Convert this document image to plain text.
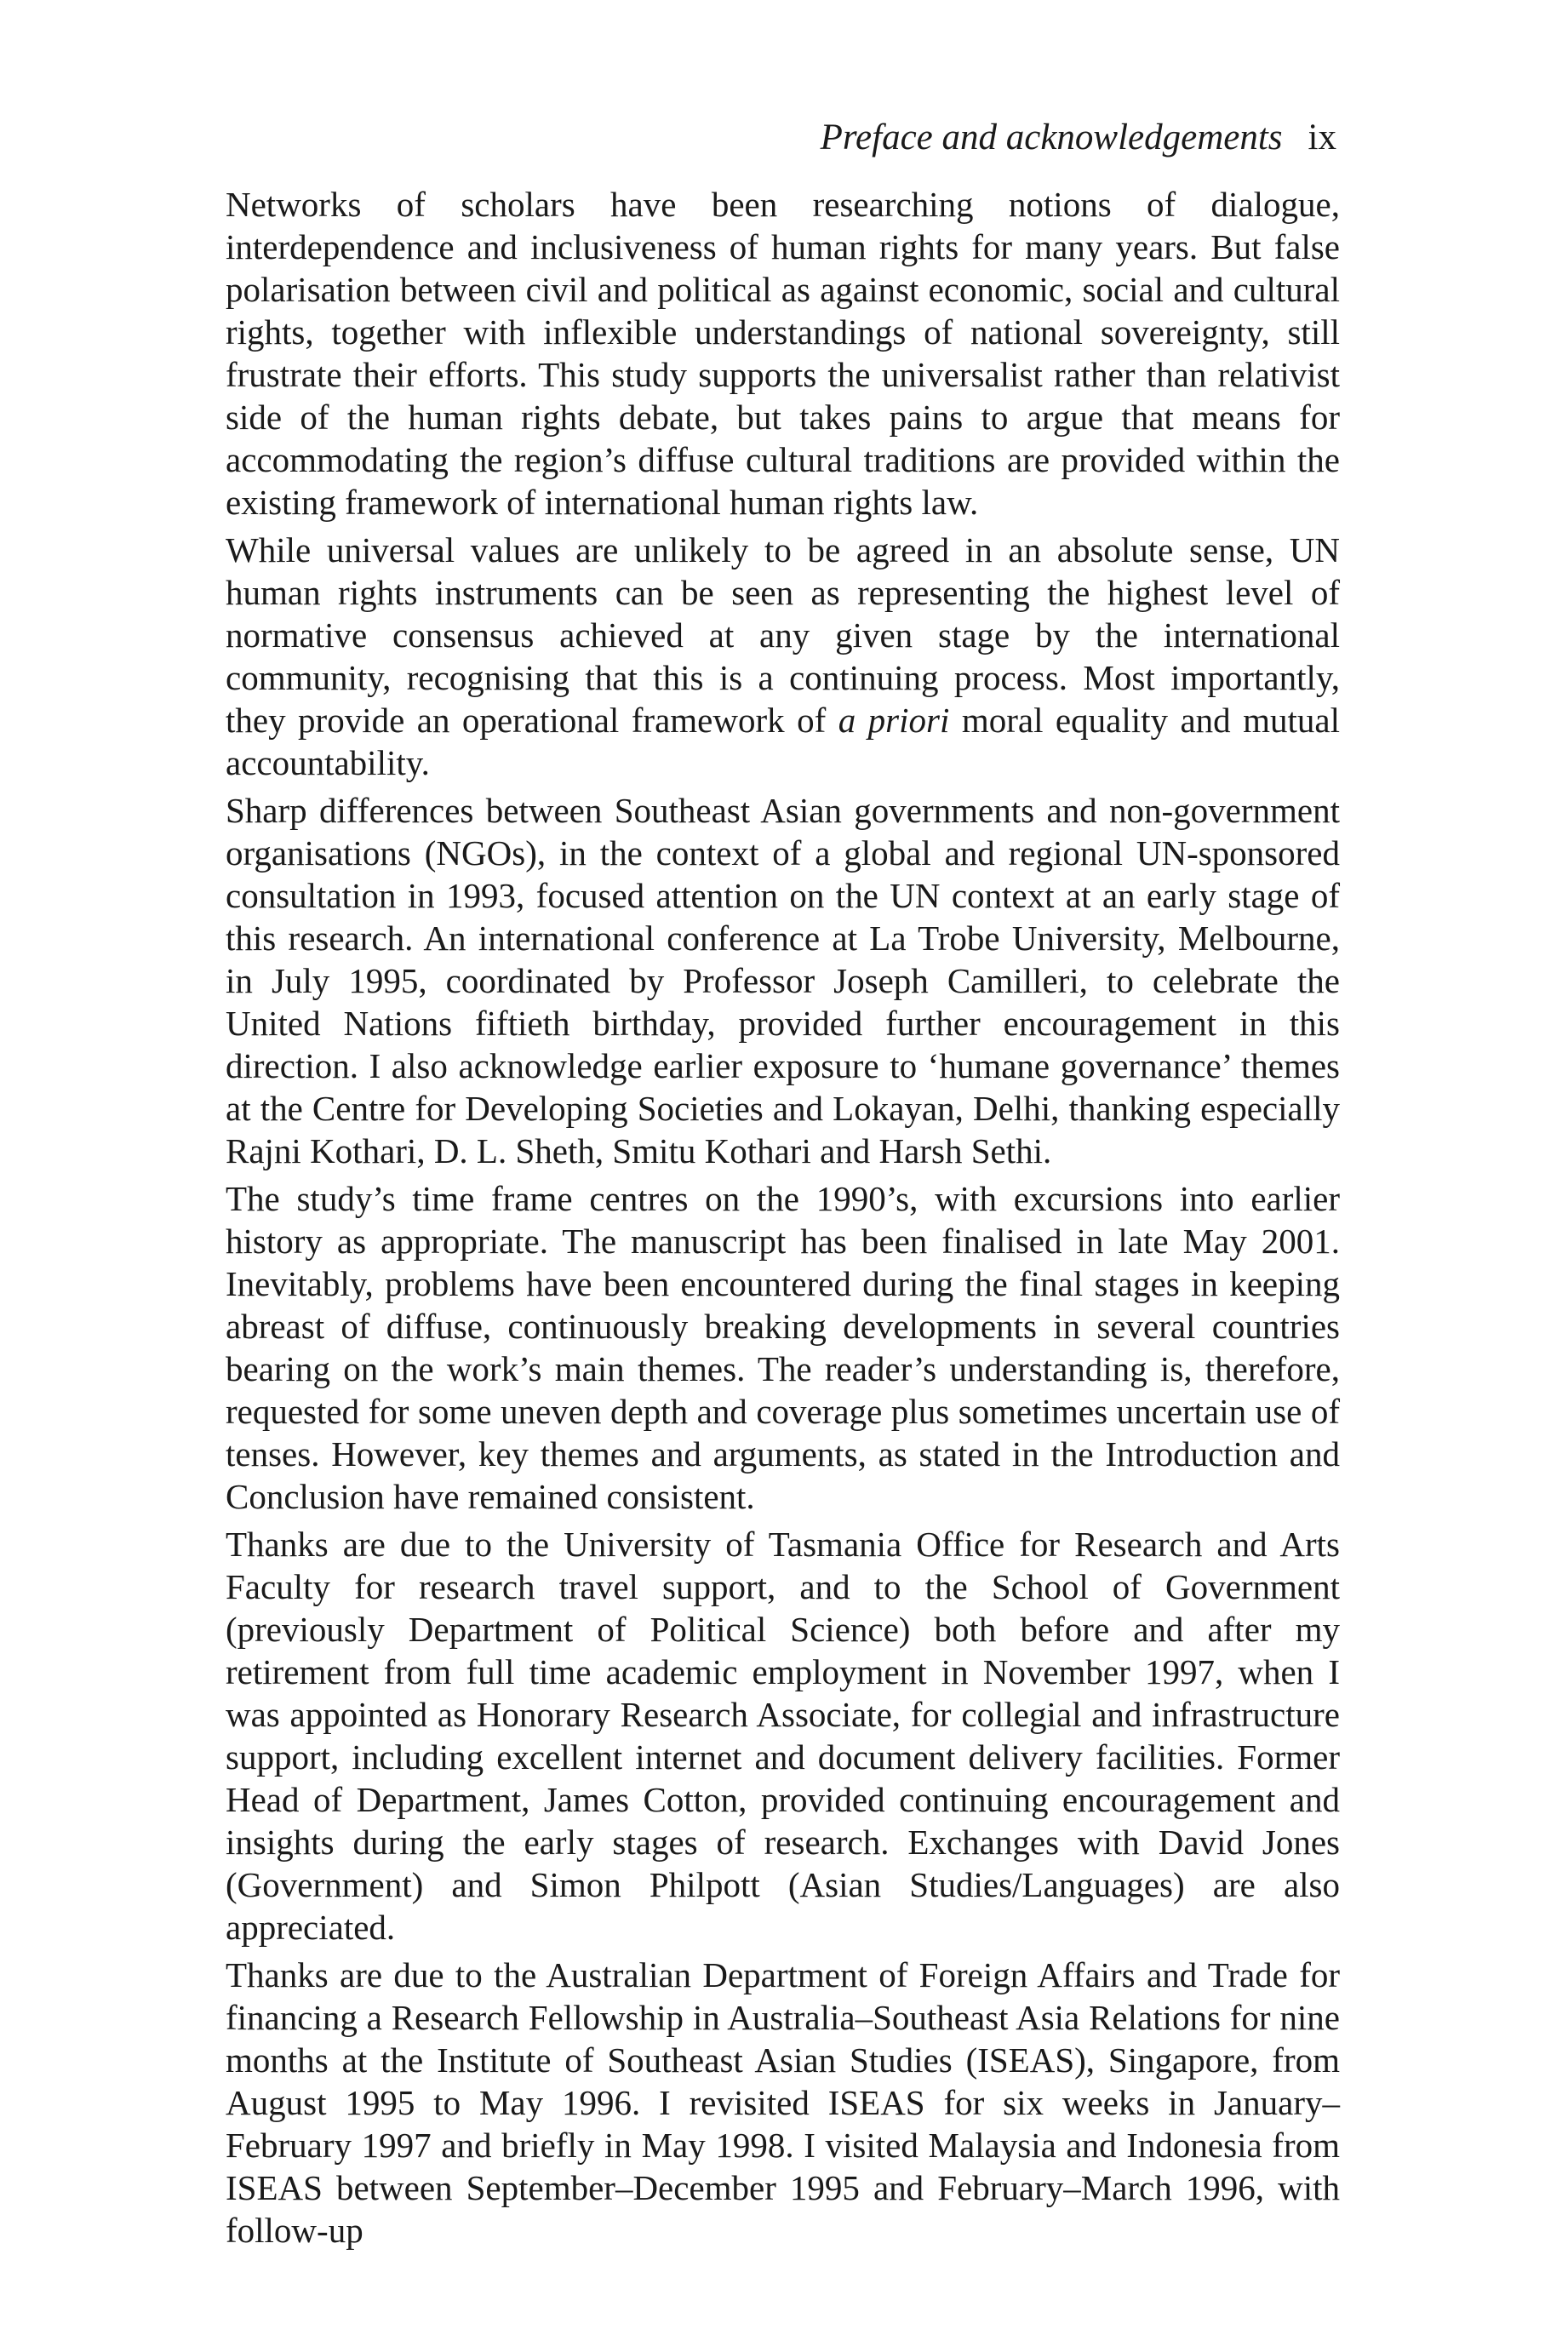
Preface and acknowledgements ix

Networks of scholars have been researching notions of dialogue, interdependence and inclusiveness of human rights for many years. But false polarisation between civil and political as against economic, social and cultural rights, together with inflexible understandings of national sovereignty, still frustrate their efforts. This study supports the universalist rather than relativist side of the human rights debate, but takes pains to argue that means for accommodating the region’s diffuse cultural traditions are provided within the existing framework of international human rights law.

While universal values are unlikely to be agreed in an absolute sense, UN human rights instruments can be seen as representing the highest level of normative consensus achieved at any given stage by the international community, recognising that this is a continuing process. Most importantly, they provide an operational framework of a priori moral equality and mutual accountability.

Sharp differences between Southeast Asian governments and non-government organisations (NGOs), in the context of a global and regional UN-sponsored consultation in 1993, focused attention on the UN context at an early stage of this research. An international conference at La Trobe University, Melbourne, in July 1995, coordinated by Professor Joseph Camilleri, to celebrate the United Nations fiftieth birthday, provided further encouragement in this direction. I also acknowledge earlier exposure to ‘humane governance’ themes at the Centre for Developing Societies and Lokayan, Delhi, thanking especially Rajni Kothari, D. L. Sheth, Smitu Kothari and Harsh Sethi.

The study’s time frame centres on the 1990’s, with excursions into earlier history as appropriate. The manuscript has been finalised in late May 2001. Inevitably, problems have been encountered during the final stages in keeping abreast of diffuse, continuously breaking developments in several countries bearing on the work’s main themes. The reader’s understanding is, therefore, requested for some uneven depth and coverage plus sometimes uncertain use of tenses. However, key themes and arguments, as stated in the Introduction and Conclusion have remained consistent.

Thanks are due to the University of Tasmania Office for Research and Arts Faculty for research travel support, and to the School of Government (previously Department of Political Science) both before and after my retirement from full time academic employment in November 1997, when I was appointed as Honorary Research Associate, for collegial and infrastructure support, including excellent internet and document delivery facilities. Former Head of Department, James Cotton, provided continuing encouragement and insights during the early stages of research. Exchanges with David Jones (Government) and Simon Philpott (Asian Studies/Languages) are also appreciated.

Thanks are due to the Australian Department of Foreign Affairs and Trade for financing a Research Fellowship in Australia–Southeast Asia Relations for nine months at the Institute of Southeast Asian Studies (ISEAS), Singapore, from August 1995 to May 1996. I revisited ISEAS for six weeks in January–February 1997 and briefly in May 1998. I visited Malaysia and Indonesia from ISEAS between September–December 1995 and February–March 1996, with follow-up
